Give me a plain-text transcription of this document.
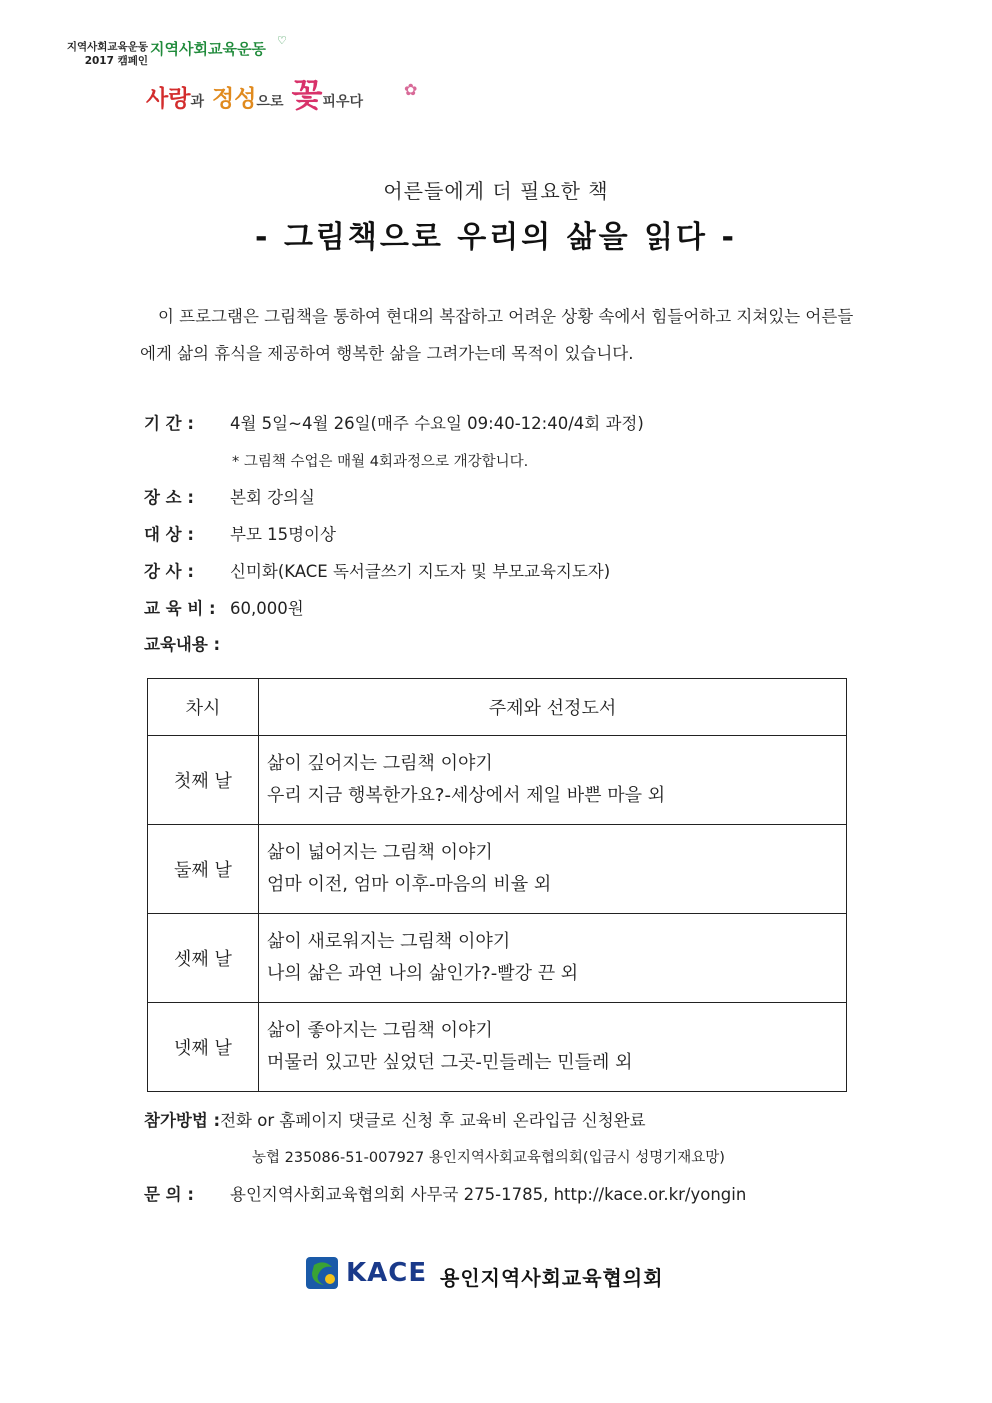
지역사회교육운동
2017 캠페인
지역사회교육운동 ♡
사랑과 정성으로 꽃피우다
✿
어른들에게 더 필요한 책
- 그림책으로 우리의 삶을 읽다 -
이 프로그램은 그림책을 통하여 현대의 복잡하고 어려운 상황 속에서 힘들어하고 지쳐있는 어른들에게 삶의 휴식을 제공하여 행복한 삶을 그려가는데 목적이 있습니다.
기 간 : 4월 5일~4월 26일(매주 수요일 09:40-12:40/4회 과정)
* 그림책 수업은 매월 4회과정으로 개강합니다.
장 소 : 본회 강의실
대 상 : 부모 15명이상
강 사 : 신미화(KACE 독서글쓰기 지도자 및 부모교육지도자)
교 육 비 : 60,000원
교육내용 :
차시	주제와 선정도서
첫째 날	삶이 깊어지는 그림책 이야기
우리 지금 행복한가요?-세상에서 제일 바쁜 마을 외

둘째 날	삶이 넓어지는 그림책 이야기
엄마 이전, 엄마 이후-마음의 비율 외

셋째 날	삶이 새로워지는 그림책 이야기
나의 삶은 과연 나의 삶인가?-빨강 끈 외

넷째 날	삶이 좋아지는 그림책 이야기
머물러 있고만 싶었던 그곳-민들레는 민들레 외
참가방법 :전화 or 홈페이지 댓글로 신청 후 교육비 온라입금 신청완료
농협 235086-51-007927 용인지역사회교육협의회(입금시 성명기재요망)
문 의 : 용인지역사회교육협의회 사무국 275-1785, http://kace.or.kr/yongin
KACE 용인지역사회교육협의회
